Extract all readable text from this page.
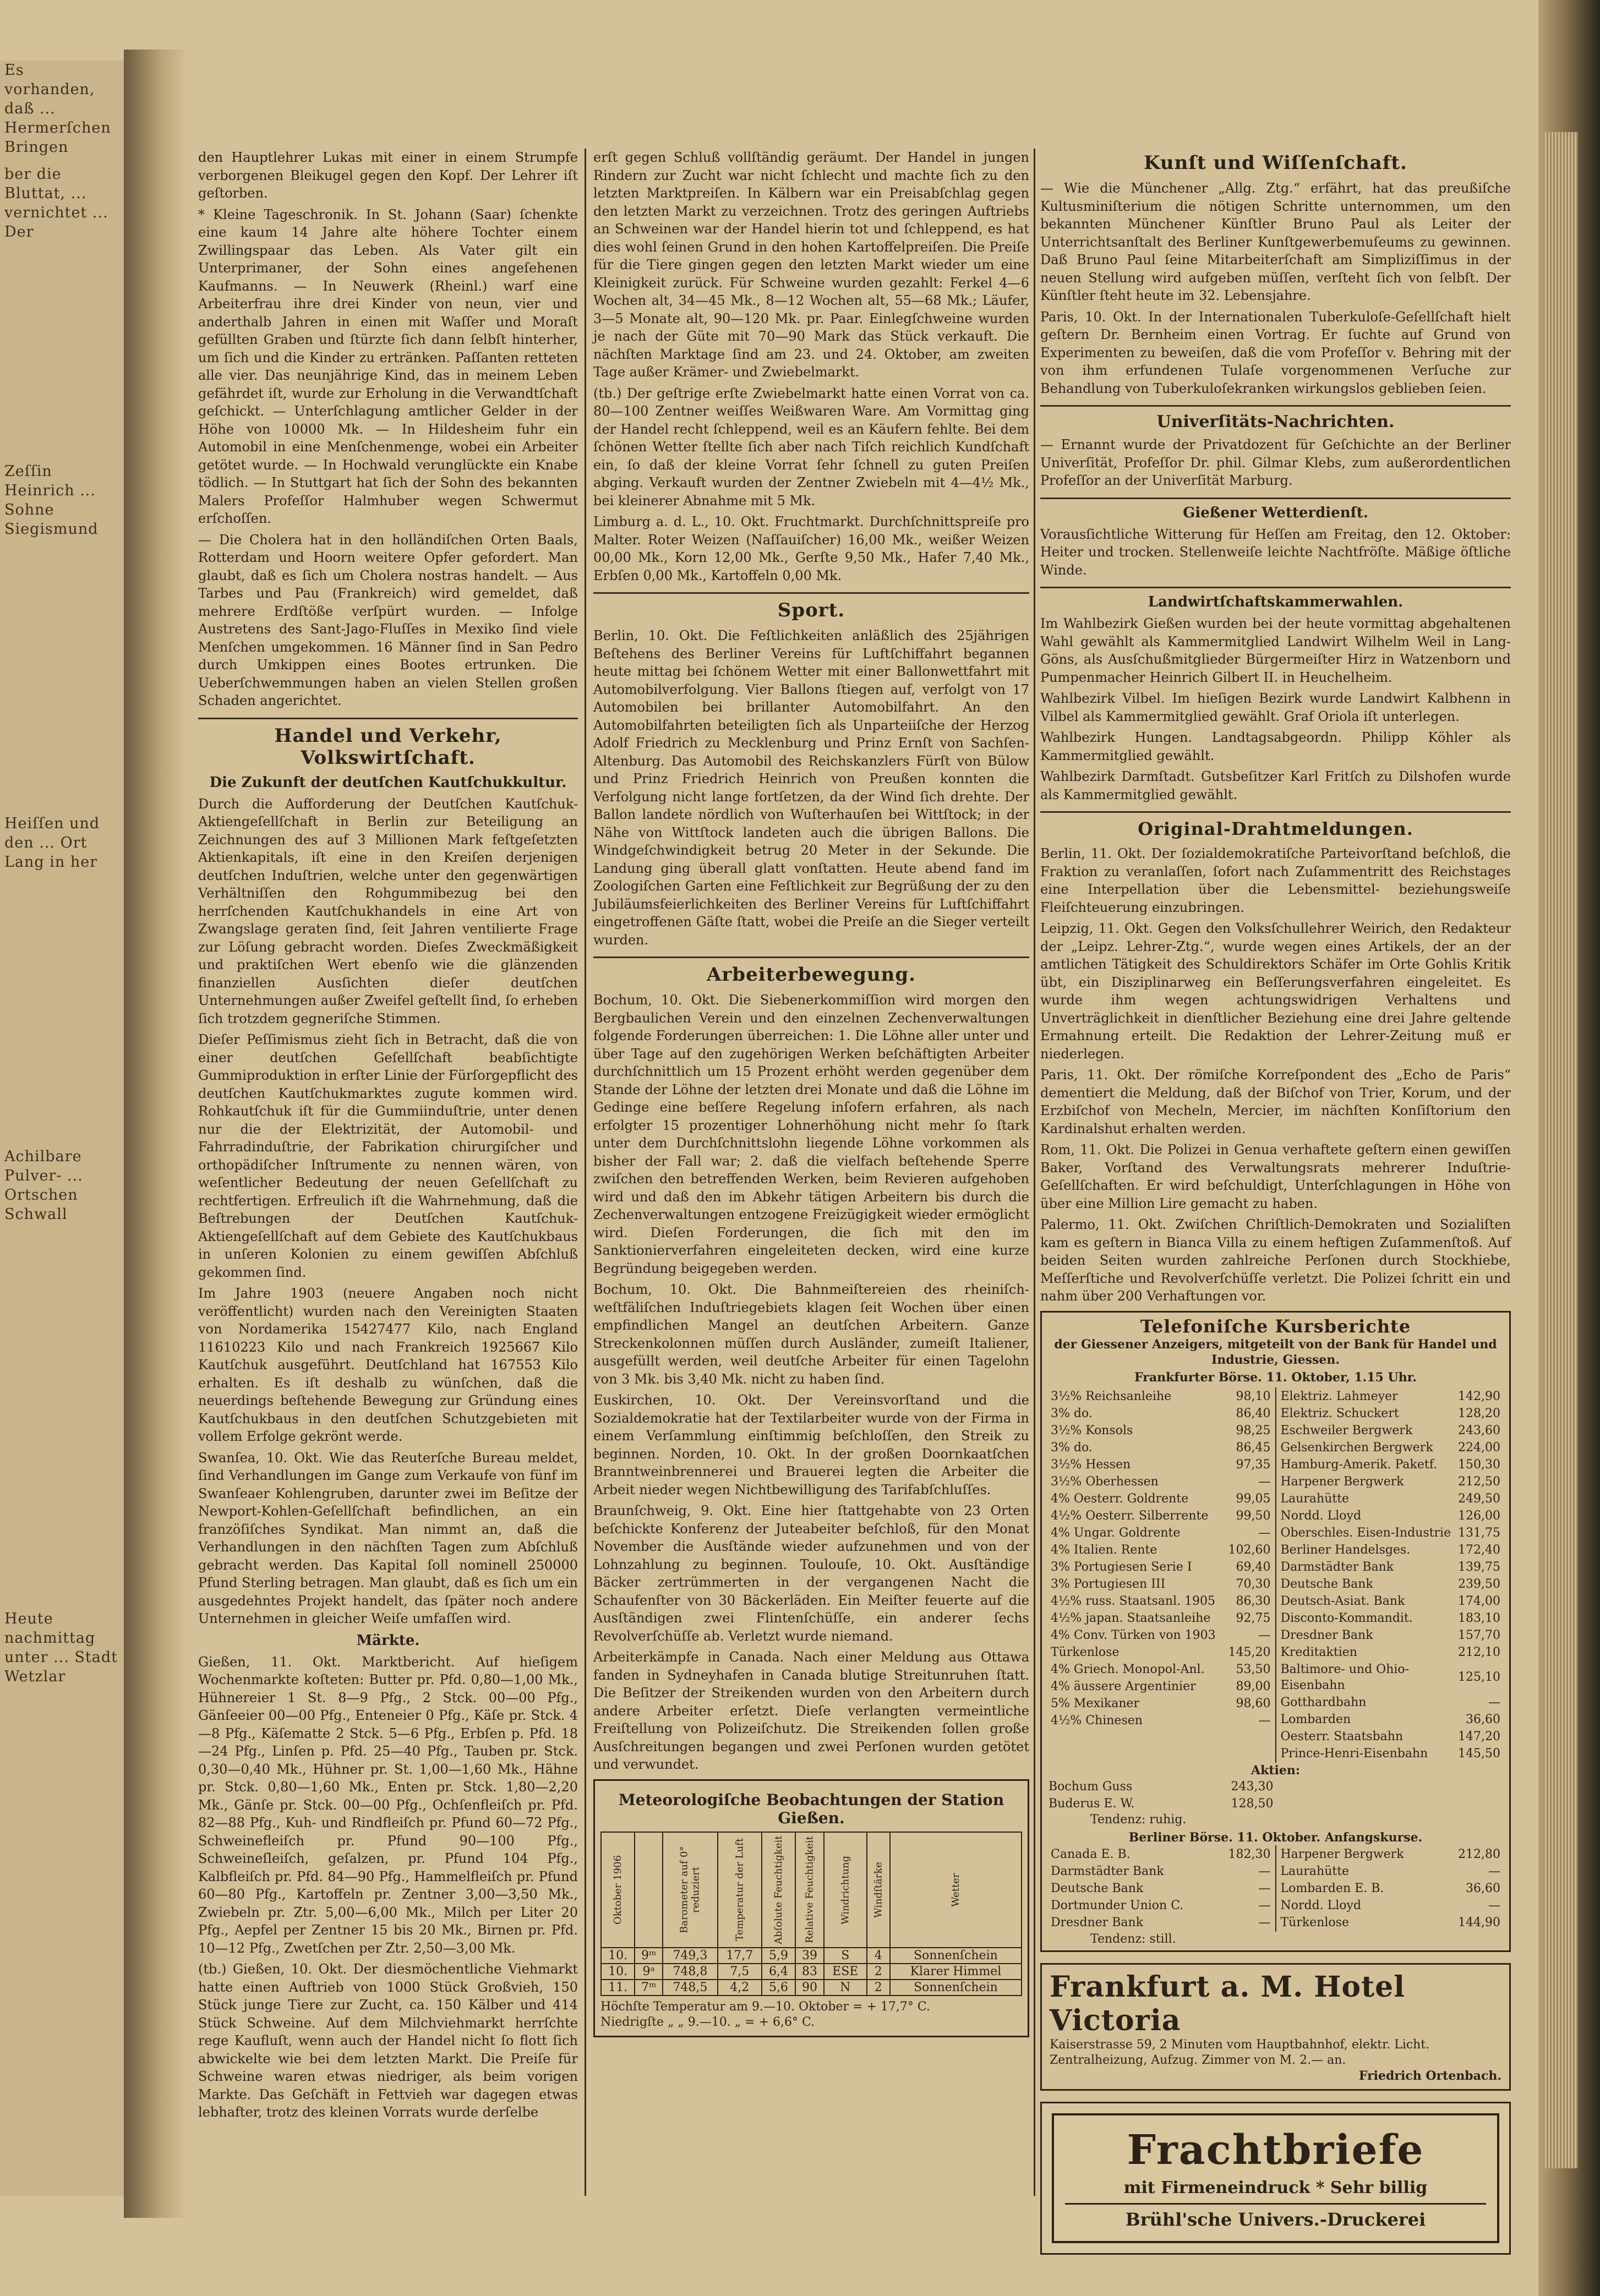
Es vorhanden, daß ... Hermerſchen Bringen

ber die Bluttat, ... vernichtet ... Der

Zeſſin Heinrich ... Sohne Siegismund

Heiſſen und den ... Ort Lang in her

Achilbare Pulver- ... Ortschen Schwall

Heute nachmittag unter ... Stadt Wetzlar

den Hauptlehrer Lukas mit einer in einem Strumpfe verborgenen Bleikugel gegen den Kopf. Der Lehrer iſt geſtorben.

* Kleine Tageschronik. In St. Johann (Saar) ſchenkte eine kaum 14 Jahre alte höhere Tochter einem Zwillingspaar das Leben. Als Vater gilt ein Unterprimaner, der Sohn eines angeſehenen Kaufmanns. — In Neuwerk (Rheinl.) warf eine Arbeiterfrau ihre drei Kinder von neun, vier und anderthalb Jahren in einen mit Waſſer und Moraſt gefüllten Graben und ſtürzte ſich dann ſelbſt hinterher, um ſich und die Kinder zu ertränken. Paſſanten retteten alle vier. Das neunjährige Kind, das in meinem Leben gefährdet iſt, wurde zur Erholung in die Verwandtſchaft geſchickt. — Unterſchlagung amtlicher Gelder in der Höhe von 10000 Mk. — In Hildesheim fuhr ein Automobil in eine Menſchenmenge, wobei ein Arbeiter getötet wurde. — In Hochwald verunglückte ein Knabe tödlich. — In Stuttgart hat ſich der Sohn des bekannten Malers Profeſſor Halmhuber wegen Schwermut erſchoſſen.

— Die Cholera hat in den holländiſchen Orten Baals, Rotterdam und Hoorn weitere Opfer gefordert. Man glaubt, daß es ſich um Cholera nostras handelt. — Aus Tarbes und Pau (Frankreich) wird gemeldet, daß mehrere Erdſtöße verſpürt wurden. — Infolge Austretens des Sant-Jago-Fluſſes in Mexiko ſind viele Menſchen umgekommen. 16 Männer ſind in San Pedro durch Umkippen eines Bootes ertrunken. Die Ueberſchwemmungen haben an vielen Stellen großen Schaden angerichtet.

Handel und Verkehr, Volkswirtſchaft.
Die Zukunft der deutſchen Kautſchukkultur.

Durch die Aufforderung der Deutſchen Kautſchuk-Aktiengeſellſchaft in Berlin zur Beteiligung an Zeichnungen des auf 3 Millionen Mark feſtgeſetzten Aktienkapitals, iſt eine in den Kreiſen derjenigen deutſchen Induſtrien, welche unter den gegenwärtigen Verhältniſſen den Rohgummibezug bei den herrſchenden Kautſchukhandels in eine Art von Zwangslage geraten ſind, ſeit Jahren ventilierte Frage zur Löſung gebracht worden. Dieſes Zweckmäßigkeit und praktiſchen Wert ebenſo wie die glänzenden finanziellen Ausſichten dieſer deutſchen Unternehmungen außer Zweifel geſtellt ſind, ſo erheben ſich trotzdem gegneriſche Stimmen.

Dieſer Peſſimismus zieht ſich in Betracht, daß die von einer deutſchen Geſellſchaft beabſichtigte Gummiproduktion in erſter Linie der Fürſorgepflicht des deutſchen Kautſchukmarktes zugute kommen wird. Rohkautſchuk iſt für die Gummiinduſtrie, unter denen nur die der Elektrizität, der Automobil- und Fahrradinduſtrie, der Fabrikation chirurgiſcher und orthopädiſcher Inſtrumente zu nennen wären, von weſentlicher Bedeutung der neuen Geſellſchaft zu rechtfertigen. Erfreulich iſt die Wahrnehmung, daß die Beſtrebungen der Deutſchen Kautſchuk-Aktiengeſellſchaft auf dem Gebiete des Kautſchukbaus in unſeren Kolonien zu einem gewiſſen Abſchluß gekommen ſind.

Im Jahre 1903 (neuere Angaben noch nicht veröffentlicht) wurden nach den Vereinigten Staaten von Nordamerika 15427477 Kilo, nach England 11610223 Kilo und nach Frankreich 1925667 Kilo Kautſchuk ausgeführt. Deutſchland hat 167553 Kilo erhalten. Es iſt deshalb zu wünſchen, daß die neuerdings beſtehende Bewegung zur Gründung eines Kautſchukbaus in den deutſchen Schutzgebieten mit vollem Erfolge gekrönt werde.

Swanſea, 10. Okt. Wie das Reuterſche Bureau meldet, ſind Verhandlungen im Gange zum Verkaufe von fünf im Swanſeaer Kohlengruben, darunter zwei im Beſitze der Newport-Kohlen-Geſellſchaft befindlichen, an ein franzöſiſches Syndikat. Man nimmt an, daß die Verhandlungen in den nächſten Tagen zum Abſchluß gebracht werden. Das Kapital ſoll nominell 250000 Pfund Sterling betragen. Man glaubt, daß es ſich um ein ausgedehntes Projekt handelt, das ſpäter noch andere Unternehmen in gleicher Weiſe umfaſſen wird.

Märkte.

Gießen, 11. Okt. Marktbericht. Auf hieſigem Wochenmarkte koſteten: Butter pr. Pfd. 0,80—1,00 Mk., Hühnereier 1 St. 8—9 Pfg., 2 Stck. 00—00 Pfg., Gänſeeier 00—00 Pfg., Enteneier 0 Pfg., Käſe pr. Stck. 4—8 Pfg., Käſematte 2 Stck. 5—6 Pfg., Erbſen p. Pfd. 18—24 Pfg., Linſen p. Pfd. 25—40 Pfg., Tauben pr. Stck. 0,30—0,40 Mk., Hühner pr. St. 1,00—1,60 Mk., Hähne pr. Stck. 0,80—1,60 Mk., Enten pr. Stck. 1,80—2,20 Mk., Gänſe pr. Stck. 00—00 Pfg., Ochſenfleiſch pr. Pfd. 82—88 Pfg., Kuh- und Rindfleiſch pr. Pfund 60—72 Pfg., Schweinefleiſch pr. Pfund 90—100 Pfg., Schweineſleiſch, geſalzen, pr. Pfund 104 Pfg., Kalbfleiſch pr. Pfd. 84—90 Pfg., Hammelfleiſch pr. Pfund 60—80 Pfg., Kartoffeln pr. Zentner 3,00—3,50 Mk., Zwiebeln pr. Ztr. 5,00—6,00 Mk., Milch per Liter 20 Pfg., Aepfel per Zentner 15 bis 20 Mk., Birnen pr. Pfd. 10—12 Pfg., Zwetſchen per Ztr. 2,50—3,00 Mk.

(tb.) Gießen, 10. Okt. Der diesmöchentliche Viehmarkt hatte einen Auftrieb von 1000 Stück Großvieh, 150 Stück junge Tiere zur Zucht, ca. 150 Kälber und 414 Stück Schweine. Auf dem Milchviehmarkt herrſchte rege Kaufluſt, wenn auch der Handel nicht ſo flott ſich abwickelte wie bei dem letzten Markt. Die Preiſe für Schweine waren etwas niedriger, als beim vorigen Markte. Das Geſchäft in Fettvieh war dagegen etwas lebhafter, trotz des kleinen Vorrats wurde derſelbe

erſt gegen Schluß vollſtändig geräumt. Der Handel in jungen Rindern zur Zucht war nicht ſchlecht und machte ſich zu den letzten Marktpreiſen. In Kälbern war ein Preisabſchlag gegen den letzten Markt zu verzeichnen. Trotz des geringen Auftriebs an Schweinen war der Handel hierin tot und ſchleppend, es hat dies wohl ſeinen Grund in den hohen Kartoffelpreiſen. Die Preiſe für die Tiere gingen gegen den letzten Markt wieder um eine Kleinigkeit zurück. Für Schweine wurden gezahlt: Ferkel 4—6 Wochen alt, 34—45 Mk., 8—12 Wochen alt, 55—68 Mk.; Läufer, 3—5 Monate alt, 90—120 Mk. pr. Paar. Einlegſchweine wurden je nach der Güte mit 70—90 Mark das Stück verkauft. Die nächſten Marktage ſind am 23. und 24. Oktober, am zweiten Tage außer Krämer- und Zwiebelmarkt.

(tb.) Der geſtrige erſte Zwiebelmarkt hatte einen Vorrat von ca. 80—100 Zentner weiſſes Weißwaren Ware. Am Vormittag ging der Handel recht ſchleppend, weil es an Käufern fehlte. Bei dem ſchönen Wetter ſtellte ſich aber nach Tiſch reichlich Kundſchaft ein, ſo daß der kleine Vorrat ſehr ſchnell zu guten Preiſen abging. Verkauft wurden der Zentner Zwiebeln mit 4—4½ Mk., bei kleinerer Abnahme mit 5 Mk.

Limburg a. d. L., 10. Okt. Fruchtmarkt. Durchſchnittspreiſe pro Malter. Roter Weizen (Naſſauiſcher) 16,00 Mk., weißer Weizen 00,00 Mk., Korn 12,00 Mk., Gerſte 9,50 Mk., Hafer 7,40 Mk., Erbſen 0,00 Mk., Kartoffeln 0,00 Mk.

Sport.

Berlin, 10. Okt. Die Feſtlichkeiten anläßlich des 25jährigen Beſtehens des Berliner Vereins für Luftſchiffahrt begannen heute mittag bei ſchönem Wetter mit einer Ballonwettfahrt mit Automobilverfolgung. Vier Ballons ſtiegen auf, verfolgt von 17 Automobilen bei brillanter Automobilfahrt. An den Automobilfahrten beteiligten ſich als Unparteiiſche der Herzog Adolf Friedrich zu Mecklenburg und Prinz Ernſt von Sachſen-Altenburg. Das Automobil des Reichskanzlers Fürſt von Bülow und Prinz Friedrich Heinrich von Preußen konnten die Verfolgung nicht lange fortſetzen, da der Wind ſich drehte. Der Ballon landete nördlich von Wuſterhauſen bei Wittſtock; in der Nähe von Wittſtock landeten auch die übrigen Ballons. Die Windgeſchwindigkeit betrug 20 Meter in der Sekunde. Die Landung ging überall glatt vonſtatten. Heute abend fand im Zoologiſchen Garten eine Feſtlichkeit zur Begrüßung der zu den Jubiläumsfeierlichkeiten des Berliner Vereins für Luftſchiffahrt eingetroffenen Gäſte ſtatt, wobei die Preiſe an die Sieger verteilt wurden.

Arbeiterbewegung.

Bochum, 10. Okt. Die Siebenerkommiſſion wird morgen den Bergbaulichen Verein und den einzelnen Zechenverwaltungen folgende Forderungen überreichen: 1. Die Löhne aller unter und über Tage auf den zugehörigen Werken beſchäftigten Arbeiter durchſchnittlich um 15 Prozent erhöht werden gegenüber dem Stande der Löhne der letzten drei Monate und daß die Löhne im Gedinge eine beſſere Regelung inſofern erfahren, als nach erfolgter 15 prozentiger Lohnerhöhung nicht mehr ſo ſtark unter dem Durchſchnittslohn liegende Löhne vorkommen als bisher der Fall war; 2. daß die vielfach beſtehende Sperre zwiſchen den betreffenden Werken, beim Revieren aufgehoben wird und daß den im Abkehr tätigen Arbeitern bis durch die Zechenverwaltungen entzogene Freizügigkeit wieder ermöglicht wird. Dieſen Forderungen, die ſich mit den im Sanktionierverfahren eingeleiteten decken, wird eine kurze Begründung beigegeben werden.

Bochum, 10. Okt. Die Bahnmeiſtereien des rheiniſch-weſtfäliſchen Induſtriegebiets klagen ſeit Wochen über einen empfindlichen Mangel an deutſchen Arbeitern. Ganze Streckenkolonnen müſſen durch Ausländer, zumeiſt Italiener, ausgefüllt werden, weil deutſche Arbeiter für einen Tagelohn von 3 Mk. bis 3,40 Mk. nicht zu haben ſind.

Euskirchen, 10. Okt. Der Vereinsvorſtand und die Sozialdemokratie hat der Textilarbeiter wurde von der Firma in einem Verſammlung einſtimmig beſchloſſen, den Streik zu beginnen. Norden, 10. Okt. In der großen Doornkaatſchen Branntweinbrennerei und Brauerei legten die Arbeiter die Arbeit nieder wegen Nichtbewilligung des Tarifabſchluſſes.

Braunſchweig, 9. Okt. Eine hier ſtattgehabte von 23 Orten beſchickte Konferenz der Juteabeiter beſchloß, für den Monat November die Ausſtände wieder aufzunehmen und von der Lohnzahlung zu beginnen. Toulouſe, 10. Okt. Ausſtändige Bäcker zertrümmerten in der vergangenen Nacht die Schaufenſter von 30 Bäckerläden. Ein Meiſter feuerte auf die Ausſtändigen zwei Flintenſchüſſe, ein anderer ſechs Revolverſchüſſe ab. Verletzt wurde niemand.

Arbeiterkämpfe in Canada. Nach einer Meldung aus Ottawa fanden in Sydneyhafen in Canada blutige Streitunruhen ſtatt. Die Beſitzer der Streikenden wurden von den Arbeitern durch andere Arbeiter erſetzt. Dieſe verlangten vermeintliche Freiſtellung von Polizeiſchutz. Die Streikenden ſollen große Ausſchreitungen begangen und zwei Perſonen wurden getötet und verwundet.

Meteorologiſche Beobachtungen der Station Gießen.
Oktober 1906		Barometer auf 0° reduziert	Temperatur der Luft	Abſolute Feuchtigkeit	Relative Feuchtigkeit	Windrichtung	Windſtärke	Wetter
10.	9ᵐ	749,3	17,7	5,9	39	S	4	Sonnenſchein
10.	9ᵃ	748,8	7,5	6,4	83	ESE	2	Klarer Himmel
11.	7ᵐ	748,5	4,2	5,6	90	N	2	Sonnenſchein
Höchſte Temperatur am 9.—10. Oktober = + 17,7° C.
Niedrigſte „ „ 9.—10. „ = + 6,6° C.
Kunſt und Wiſſenſchaft.

— Wie die Münchener „Allg. Ztg.“ erfährt, hat das preußiſche Kultusminiſterium die nötigen Schritte unternommen, um den bekannten Münchener Künſtler Bruno Paul als Leiter der Unterrichtsanſtalt des Berliner Kunſtgewerbemuſeums zu gewinnen. Daß Bruno Paul ſeine Mitarbeiterſchaft am Simpliziſſimus in der neuen Stellung wird aufgeben müſſen, verſteht ſich von ſelbſt. Der Künſtler ſteht heute im 32. Lebensjahre.

Paris, 10. Okt. In der Internationalen Tuberkuloſe-Geſellſchaft hielt geſtern Dr. Bernheim einen Vortrag. Er ſuchte auf Grund von Experimenten zu beweiſen, daß die vom Profeſſor v. Behring mit der von ihm erfundenen Tulaſe vorgenommenen Verſuche zur Behandlung von Tuberkuloſekranken wirkungslos geblieben ſeien.

Univerſitäts-Nachrichten.

— Ernannt wurde der Privatdozent für Geſchichte an der Berliner Univerſität, Profeſſor Dr. phil. Gilmar Klebs, zum außerordentlichen Profeſſor an der Univerſität Marburg.

Gießener Wetterdienſt.

Vorausſichtliche Witterung für Heſſen am Freitag, den 12. Oktober: Heiter und trocken. Stellenweiſe leichte Nachtfröſte. Mäßige öſtliche Winde.

Landwirtſchaftskammerwahlen.

Im Wahlbezirk Gießen wurden bei der heute vormittag abgehaltenen Wahl gewählt als Kammermitglied Landwirt Wilhelm Weil in Lang-Göns, als Ausſchußmitglieder Bürgermeiſter Hirz in Watzenborn und Pumpenmacher Heinrich Gilbert II. in Heuchelheim.

Wahlbezirk Vilbel. Im hieſigen Bezirk wurde Landwirt Kalbhenn in Vilbel als Kammermitglied gewählt. Graf Oriola iſt unterlegen.

Wahlbezirk Hungen. Landtagsabgeordn. Philipp Köhler als Kammermitglied gewählt.

Wahlbezirk Darmſtadt. Gutsbeſitzer Karl Fritſch zu Dilshofen wurde als Kammermitglied gewählt.

Original-Drahtmeldungen.

Berlin, 11. Okt. Der ſozialdemokratiſche Parteivorſtand beſchloß, die Fraktion zu veranlaſſen, ſofort nach Zuſammentritt des Reichstages eine Interpellation über die Lebensmittel- beziehungsweiſe Fleiſchteuerung einzubringen.

Leipzig, 11. Okt. Gegen den Volksſchullehrer Weirich, den Redakteur der „Leipz. Lehrer-Ztg.“, wurde wegen eines Artikels, der an der amtlichen Tätigkeit des Schuldirektors Schäfer im Orte Gohlis Kritik übt, ein Disziplinarweg ein Beſſerungsverfahren eingeleitet. Es wurde ihm wegen achtungswidrigen Verhaltens und Unverträglichkeit in dienſtlicher Beziehung eine drei Jahre geltende Ermahnung erteilt. Die Redaktion der Lehrer-Zeitung muß er niederlegen.

Paris, 11. Okt. Der römiſche Korreſpondent des „Echo de Paris“ dementiert die Meldung, daß der Biſchof von Trier, Korum, und der Erzbiſchof von Mecheln, Mercier, im nächſten Konſiſtorium den Kardinalshut erhalten werden.

Rom, 11. Okt. Die Polizei in Genua verhaftete geſtern einen gewiſſen Baker, Vorſtand des Verwaltungsrats mehrerer Induſtrie-Geſellſchaften. Er wird beſchuldigt, Unterſchlagungen in Höhe von über eine Million Lire gemacht zu haben.

Palermo, 11. Okt. Zwiſchen Chriſtlich-Demokraten und Sozialiſten kam es geſtern in Bianca Villa zu einem heftigen Zuſammenſtoß. Auf beiden Seiten wurden zahlreiche Perſonen durch Stockhiebe, Meſſerſtiche und Revolverſchüſſe verletzt. Die Polizei ſchritt ein und nahm über 200 Verhaftungen vor.

Telefoniſche Kursberichte
der Giessener Anzeigers, mitgeteilt von der Bank für Handel und Industrie, Giessen.
Frankfurter Börse. 11. Oktober, 1.15 Uhr.
3½% Reichsanleihe	98,10
3% do.	86,40
3½% Konsols	98,25
3% do.	86,45
3½% Hessen	97,35
3½% Oberhessen	—
4% Oesterr. Goldrente	99,05
4½% Oesterr. Silberrente	99,50
4% Ungar. Goldrente	—
4% Italien. Rente	102,60
3% Portugiesen Serie I	69,40
3% Portugiesen III	70,30
4½% russ. Staatsanl. 1905	86,30
4½% japan. Staatsanleihe	92,75
4% Conv. Türken von 1903	—
Türkenlose	145,20
4% Griech. Monopol-Anl.	53,50
4% äussere Argentinier	89,00
5% Mexikaner	98,60
4½% Chinesen	—

Elektriz. Lahmeyer	142,90
Elektriz. Schuckert	128,20
Eschweiler Bergwerk	243,60
Gelsenkirchen Bergwerk	224,00
Hamburg-Amerik. Paketf.	150,30
Harpener Bergwerk	212,50
Laurahütte	249,50
Nordd. Lloyd	126,00
Oberschles. Eisen-Industrie	131,75
Berliner Handelsges.	172,40
Darmstädter Bank	139,75
Deutsche Bank	239,50
Deutsch-Asiat. Bank	174,00
Disconto-Kommandit.	183,10
Dresdner Bank	157,70
Kreditaktien	212,10
Baltimore- und Ohio-Eisenbahn	125,10
Gotthardbahn	—
Lombarden	36,60
Oesterr. Staatsbahn	147,20
Prince-Henri-Eisenbahn	145,50
Aktien:
Bochum Guss	243,30
Buderus E. W.	128,50
Tendenz: ruhig.
Berliner Börse. 11. Oktober. Anfangskurse.
Canada E. B.	182,30
Darmstädter Bank	—
Deutsche Bank	—
Dortmunder Union C.	—
Dresdner Bank	—

Harpener Bergwerk	212,80
Laurahütte	—
Lombarden E. B.	36,60
Nordd. Lloyd	—
Türkenlose	144,90
Tendenz: still.
Frankfurt a. M. Hotel Victoria
Kaiserstrasse 59, 2 Minuten vom Hauptbahnhof, elektr. Licht.
Zentralheizung, Aufzug. Zimmer von M. 2.— an.
Friedrich Ortenbach.
Frachtbriefe
mit Firmeneindruck * Sehr billig
Brühl'sche Univers.-Druckerei
